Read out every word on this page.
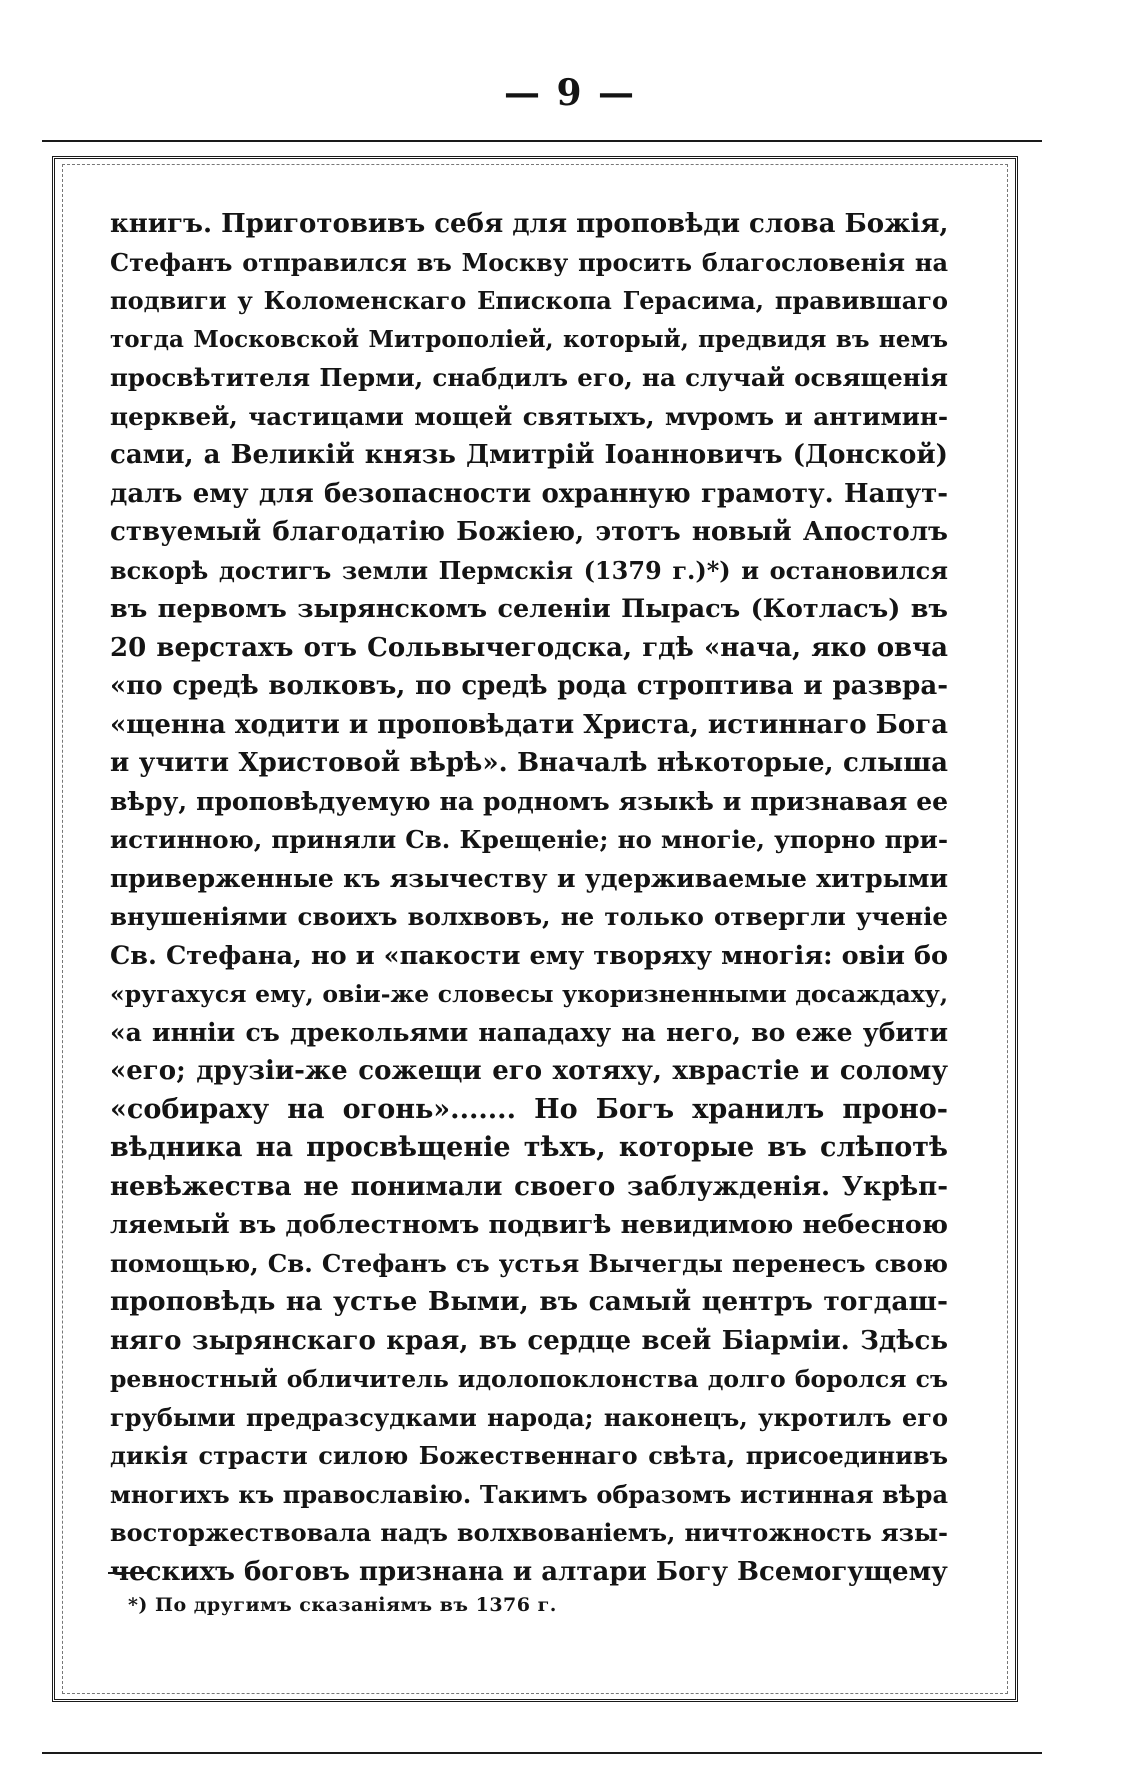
— 9 —
книгъ. Приготовивъ себя для проповѣди слова Божія,
Стефанъ отправился въ Москву просить благословенія на
подвиги у Коломенскаго Епископа Герасима, правившаго
тогда Московской Митрополіей, который, предвидя въ немъ
просвѣтителя Перми, снабдилъ его, на случай освященія
церквей, частицами мощей святыхъ, мvромъ и антимин-
сами, а Великій князь Дмитрій Іоанновичъ (Донской)
далъ ему для безопасности охранную грамоту. Напут-
ствуемый благодатію Божіею, этотъ новый Апостолъ
вскорѣ достигъ земли Пермскія (1379 г.)*) и остановился
въ первомъ зырянскомъ селеніи Пырасъ (Котласъ) въ
20 верстахъ отъ Сольвычегодска, гдѣ «нача, яко овча
«по средѣ волковъ, по средѣ рода строптива и развра-
«щенна ходити и проповѣдати Христа, истиннаго Бога
и учити Христовой вѣрѣ». Вначалѣ нѣкоторые, слыша
вѣру, проповѣдуемую на родномъ языкѣ и признавая ее
истинною, приняли Св. Крещеніе; но многіе, упорно при-
приверженные къ язычеству и удерживаемые хитрыми
внушеніями своихъ волхвовъ, не только отвергли ученіе
Св. Стефана, но и «пакости ему творяху многія: овіи бо
«ругахуся ему, овіи-же словесы укоризненными досаждаху,
«а инніи съ дрекольями нападаху на него, во еже убити
«его; друзіи-же сожещи его хотяху, хврастіе и солому
«собираху на огонь»....... Но Богъ хранилъ проно-
вѣдника на просвѣщеніе тѣхъ, которые въ слѣпотѣ
невѣжества не понимали своего заблужденія. Укрѣп-
ляемый въ доблестномъ подвигѣ невидимою небесною
помощью, Св. Стефанъ съ устья Вычегды перенесъ свою
проповѣдь на устье Выми, въ самый центръ тогдаш-
няго зырянскаго края, въ сердце всей Біарміи. Здѣсь
ревностный обличитель идолопоклонства долго боролся съ
грубыми предразсудками народа; наконецъ, укротилъ его
дикія страсти силою Божественнаго свѣта, присоединивъ
многихъ къ православію. Такимъ образомъ истинная вѣра
восторжествовала надъ волхвованіемъ, ничтожность язы-
ческихъ боговъ признана и алтари Богу Всемогущему
*) По другимъ сказаніямъ въ 1376 г.
